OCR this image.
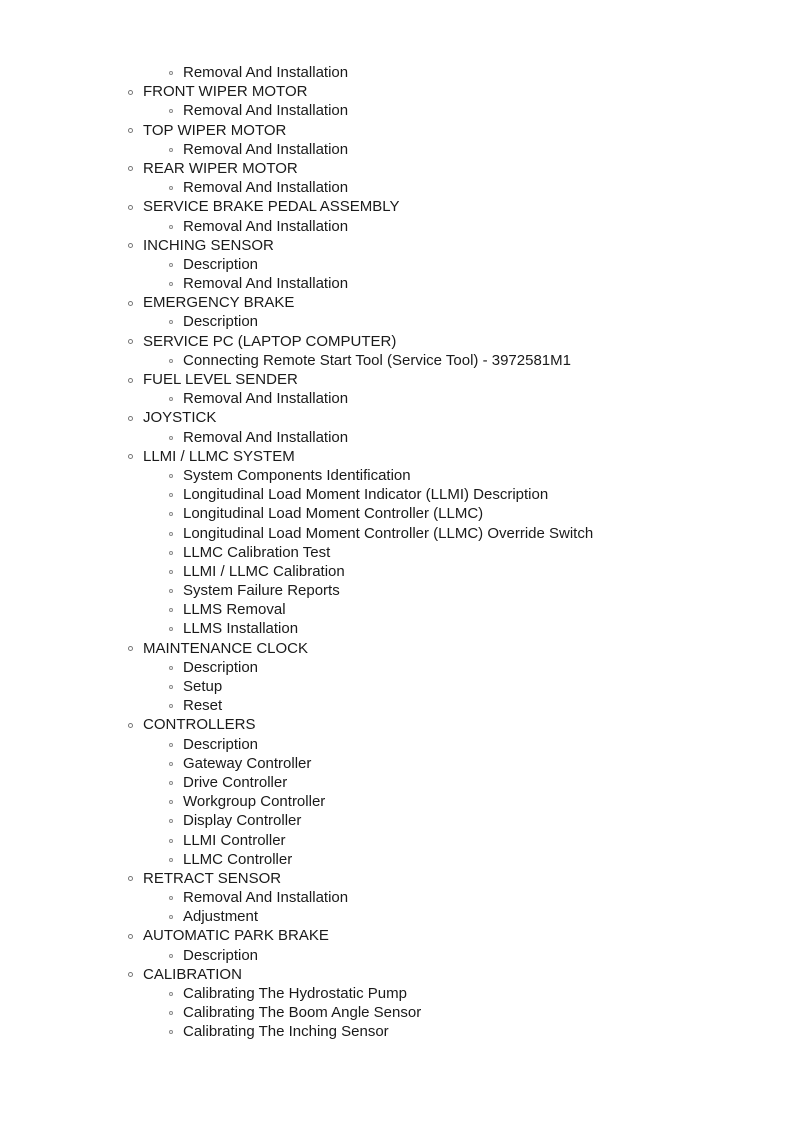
Removal And Installation
FRONT WIPER MOTOR
Removal And Installation
TOP WIPER MOTOR
Removal And Installation
REAR WIPER MOTOR
Removal And Installation
SERVICE BRAKE PEDAL ASSEMBLY
Removal And Installation
INCHING SENSOR
Description
Removal And Installation
EMERGENCY BRAKE
Description
SERVICE PC (LAPTOP COMPUTER)
Connecting Remote Start Tool (Service Tool) - 3972581M1
FUEL LEVEL SENDER
Removal And Installation
JOYSTICK
Removal And Installation
LLMI / LLMC SYSTEM
System Components Identification
Longitudinal Load Moment Indicator (LLMI) Description
Longitudinal Load Moment Controller (LLMC)
Longitudinal Load Moment Controller (LLMC) Override Switch
LLMC Calibration Test
LLMI / LLMC Calibration
System Failure Reports
LLMS Removal
LLMS Installation
MAINTENANCE CLOCK
Description
Setup
Reset
CONTROLLERS
Description
Gateway Controller
Drive Controller
Workgroup Controller
Display Controller
LLMI Controller
LLMC Controller
RETRACT SENSOR
Removal And Installation
Adjustment
AUTOMATIC PARK BRAKE
Description
CALIBRATION
Calibrating The Hydrostatic Pump
Calibrating The Boom Angle Sensor
Calibrating The Inching Sensor
